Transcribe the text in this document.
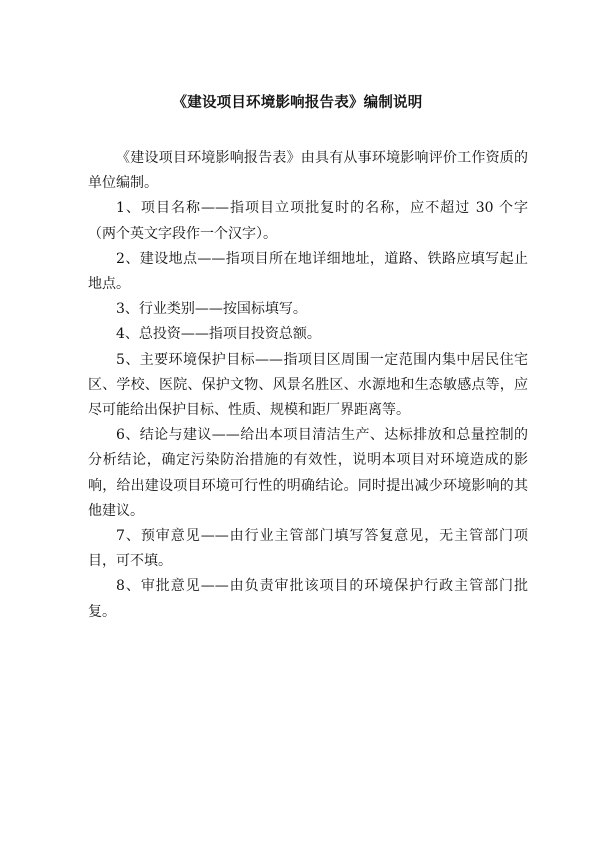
《建设项目环境影响报告表》编制说明

《建设项目环境影响报告表》由具有从事环境影响评价工作资质的单位编制。

1、项目名称——指项目立项批复时的名称，应不超过 30 个字（两个英文字段作一个汉字）。

2、建设地点——指项目所在地详细地址，道路、铁路应填写起止地点。

3、行业类别——按国标填写。

4、总投资——指项目投资总额。

5、主要环境保护目标——指项目区周围一定范围内集中居民住宅区、学校、医院、保护文物、风景名胜区、水源地和生态敏感点等，应尽可能给出保护目标、性质、规模和距厂界距离等。

6、结论与建议——给出本项目清洁生产、达标排放和总量控制的分析结论，确定污染防治措施的有效性，说明本项目对环境造成的影响，给出建设项目环境可行性的明确结论。同时提出减少环境影响的其他建议。

7、预审意见——由行业主管部门填写答复意见，无主管部门项目，可不填。

8、审批意见——由负责审批该项目的环境保护行政主管部门批复。
